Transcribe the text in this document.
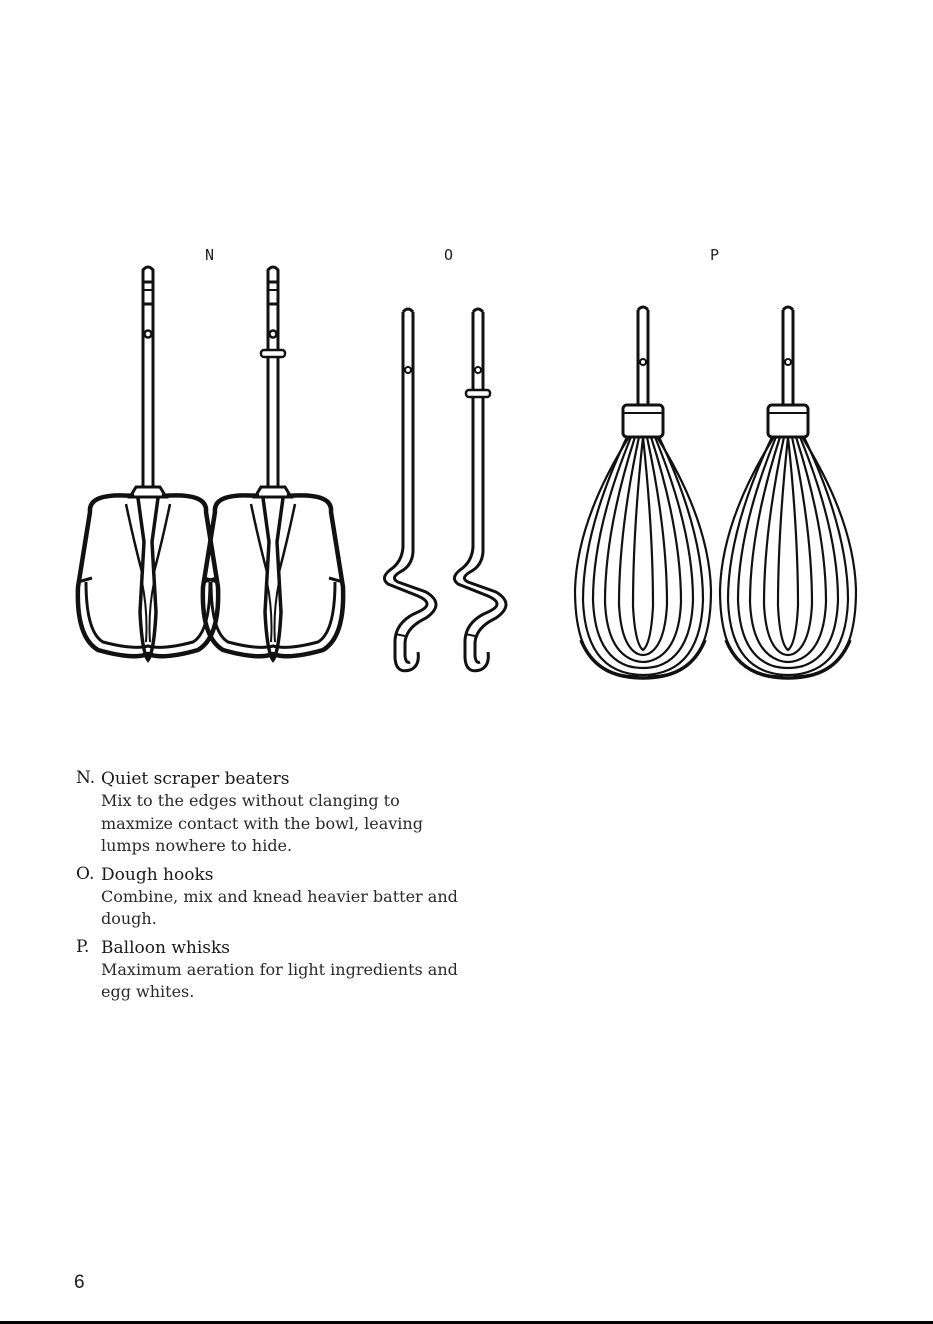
N	O	P
N. Quiet scraper beaters
Mix to the edges without clanging to
maxmize contact with the bowl, leaving
lumps nowhere to hide.
O. Dough hooks
Combine, mix and knead heavier batter and
dough.
P. Balloon whisks
Maximum aeration for light ingredients and
egg whites.
6
